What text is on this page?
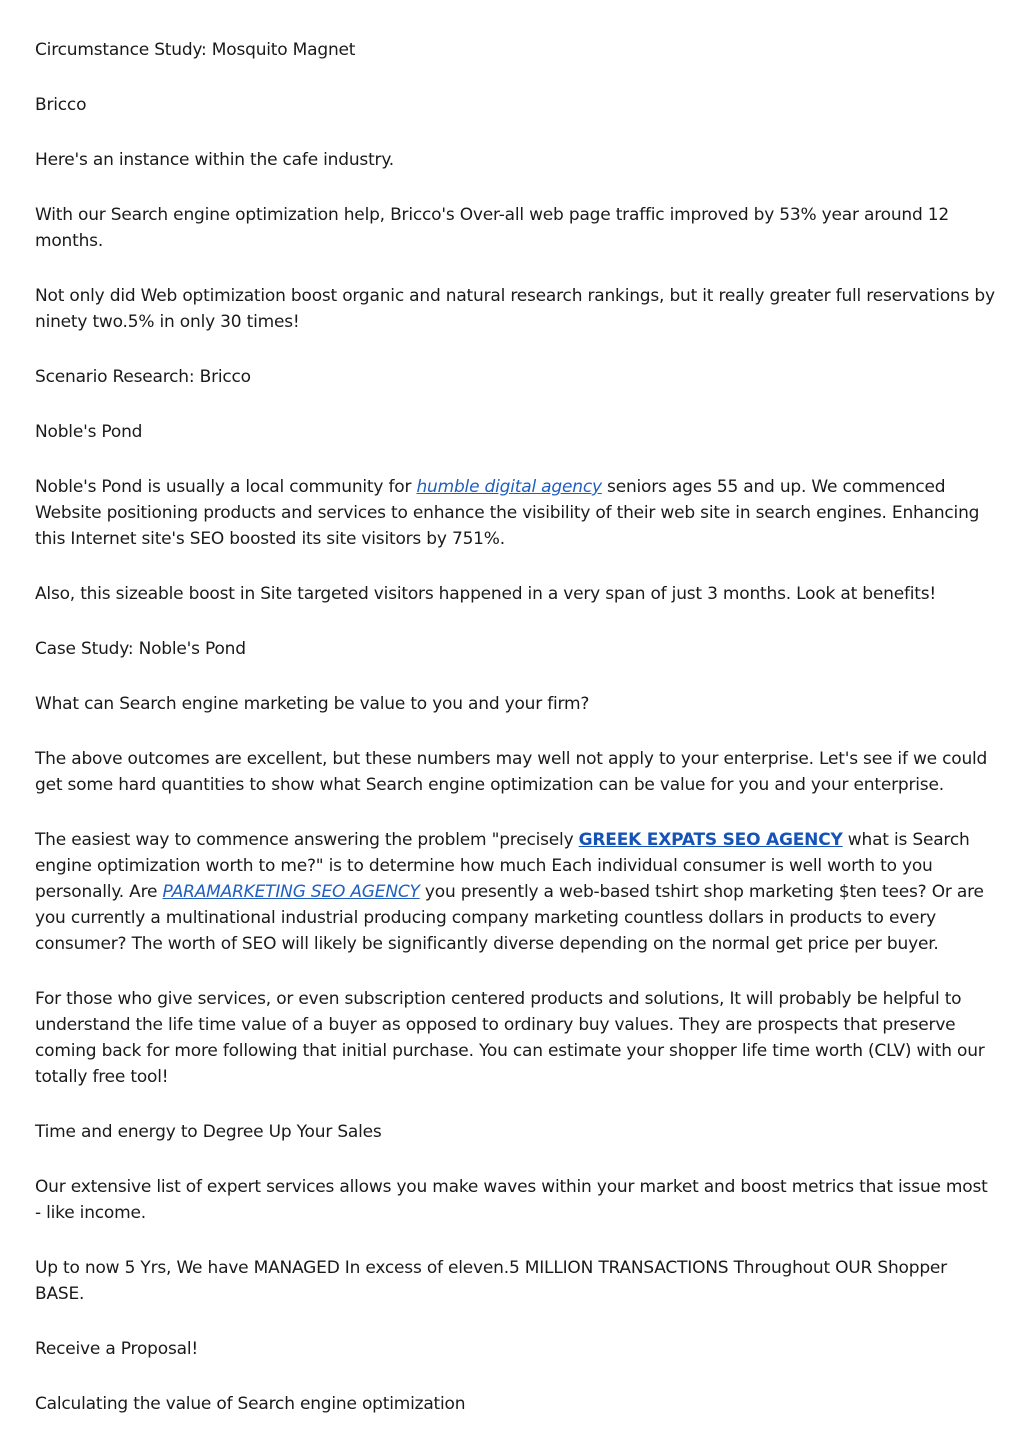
Circumstance Study: Mosquito Magnet

Bricco

Here's an instance within the cafe industry.

With our Search engine optimization help, Bricco's Over-all web page traffic improved by 53% year around 12 months.

Not only did Web optimization boost organic and natural research rankings, but it really greater full reservations by ninety two.5% in only 30 times!

Scenario Research: Bricco

Noble's Pond

Noble's Pond is usually a local community for humble digital agency seniors ages 55 and up. We commenced Website positioning products and services to enhance the visibility of their web site in search engines. Enhancing this Internet site's SEO boosted its site visitors by 751%.

Also, this sizeable boost in Site targeted visitors happened in a very span of just 3 months. Look at benefits!

Case Study: Noble's Pond

What can Search engine marketing be value to you and your firm?

The above outcomes are excellent, but these numbers may well not apply to your enterprise. Let's see if we could get some hard quantities to show what Search engine optimization can be value for you and your enterprise.

The easiest way to commence answering the problem "precisely GREEK EXPATS SEO AGENCY what is Search engine optimization worth to me?" is to determine how much Each individual consumer is well worth to you personally. Are PARAMARKETING SEO AGENCY you presently a web-based tshirt shop marketing $ten tees? Or are you currently a multinational industrial producing company marketing countless dollars in products to every consumer? The worth of SEO will likely be significantly diverse depending on the normal get price per buyer.

For those who give services, or even subscription centered products and solutions, It will probably be helpful to understand the life time value of a buyer as opposed to ordinary buy values. They are prospects that preserve coming back for more following that initial purchase. You can estimate your shopper life time worth (CLV) with our totally free tool!

Time and energy to Degree Up Your Sales

Our extensive list of expert services allows you make waves within your market and boost metrics that issue most - like income.

Up to now 5 Yrs, We have MANAGED In excess of eleven.5 MILLION TRANSACTIONS Throughout OUR Shopper BASE.

Receive a Proposal!

Calculating the value of Search engine optimization
